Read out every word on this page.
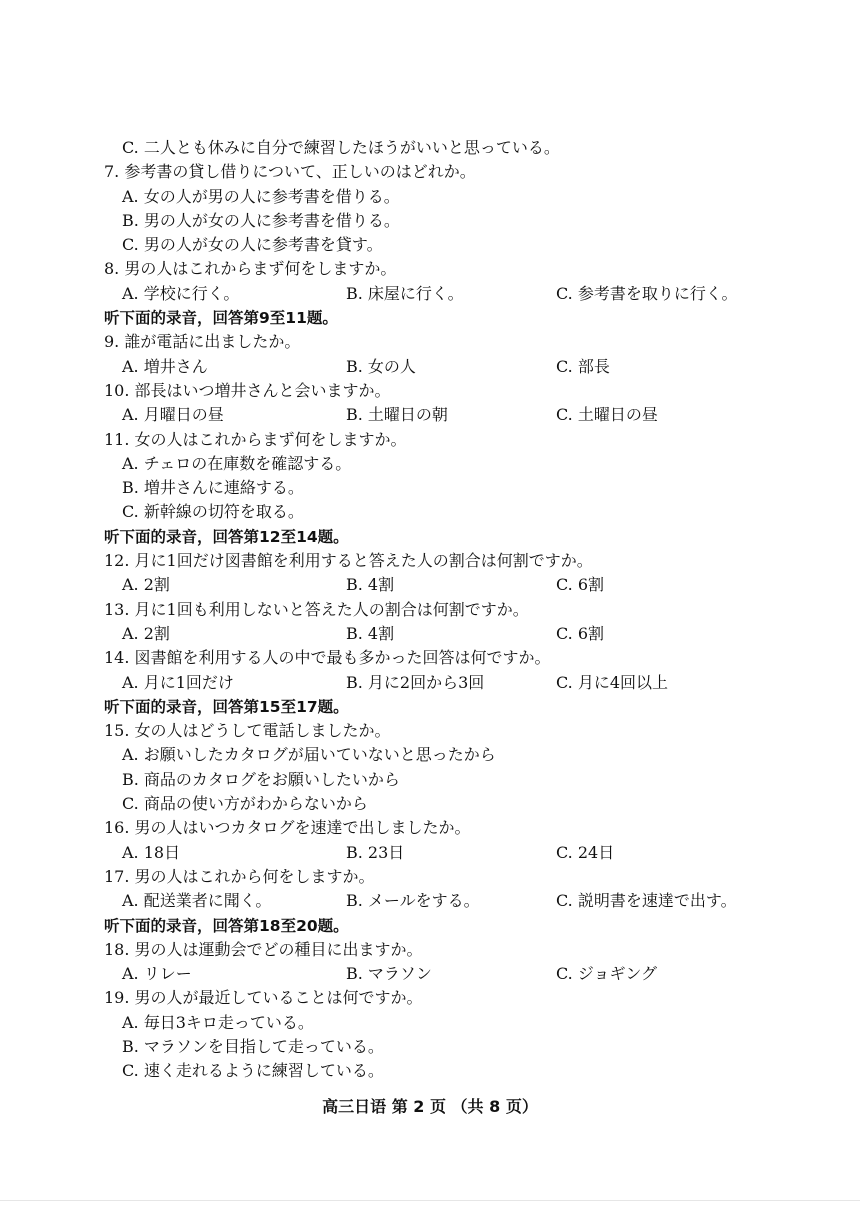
C. 二人とも休みに自分で練習したほうがいいと思っている。
7. 参考書の貸し借りについて、正しいのはどれか。
A. 女の人が男の人に参考書を借りる。
B. 男の人が女の人に参考書を借りる。
C. 男の人が女の人に参考書を貸す。
8. 男の人はこれからまず何をしますか。
A. 学校に行く。	B. 床屋に行く。	C. 参考書を取りに行く。
听下面的录音，回答第9至11题。
9. 誰が電話に出ましたか。
A. 増井さん	B. 女の人	C. 部長
10. 部長はいつ増井さんと会いますか。
A. 月曜日の昼	B. 土曜日の朝	C. 土曜日の昼
11. 女の人はこれからまず何をしますか。
A. チェロの在庫数を確認する。
B. 増井さんに連絡する。
C. 新幹線の切符を取る。
听下面的录音，回答第12至14题。
12. 月に1回だけ図書館を利用すると答えた人の割合は何割ですか。
A. 2割	B. 4割	C. 6割
13. 月に1回も利用しないと答えた人の割合は何割ですか。
A. 2割	B. 4割	C. 6割
14. 図書館を利用する人の中で最も多かった回答は何ですか。
A. 月に1回だけ	B. 月に2回から3回	C. 月に4回以上
听下面的录音，回答第15至17题。
15. 女の人はどうして電話しましたか。
A. お願いしたカタログが届いていないと思ったから
B. 商品のカタログをお願いしたいから
C. 商品の使い方がわからないから
16. 男の人はいつカタログを速達で出しましたか。
A. 18日	B. 23日	C. 24日
17. 男の人はこれから何をしますか。
A. 配送業者に聞く。	B. メールをする。	C. 説明書を速達で出す。
听下面的录音，回答第18至20题。
18. 男の人は運動会でどの種目に出ますか。
A. リレー	B. マラソン	C. ジョギング
19. 男の人が最近していることは何ですか。
A. 毎日3キロ走っている。
B. マラソンを目指して走っている。
C. 速く走れるように練習している。
高三日语 第 2 页 （共 8 页）
